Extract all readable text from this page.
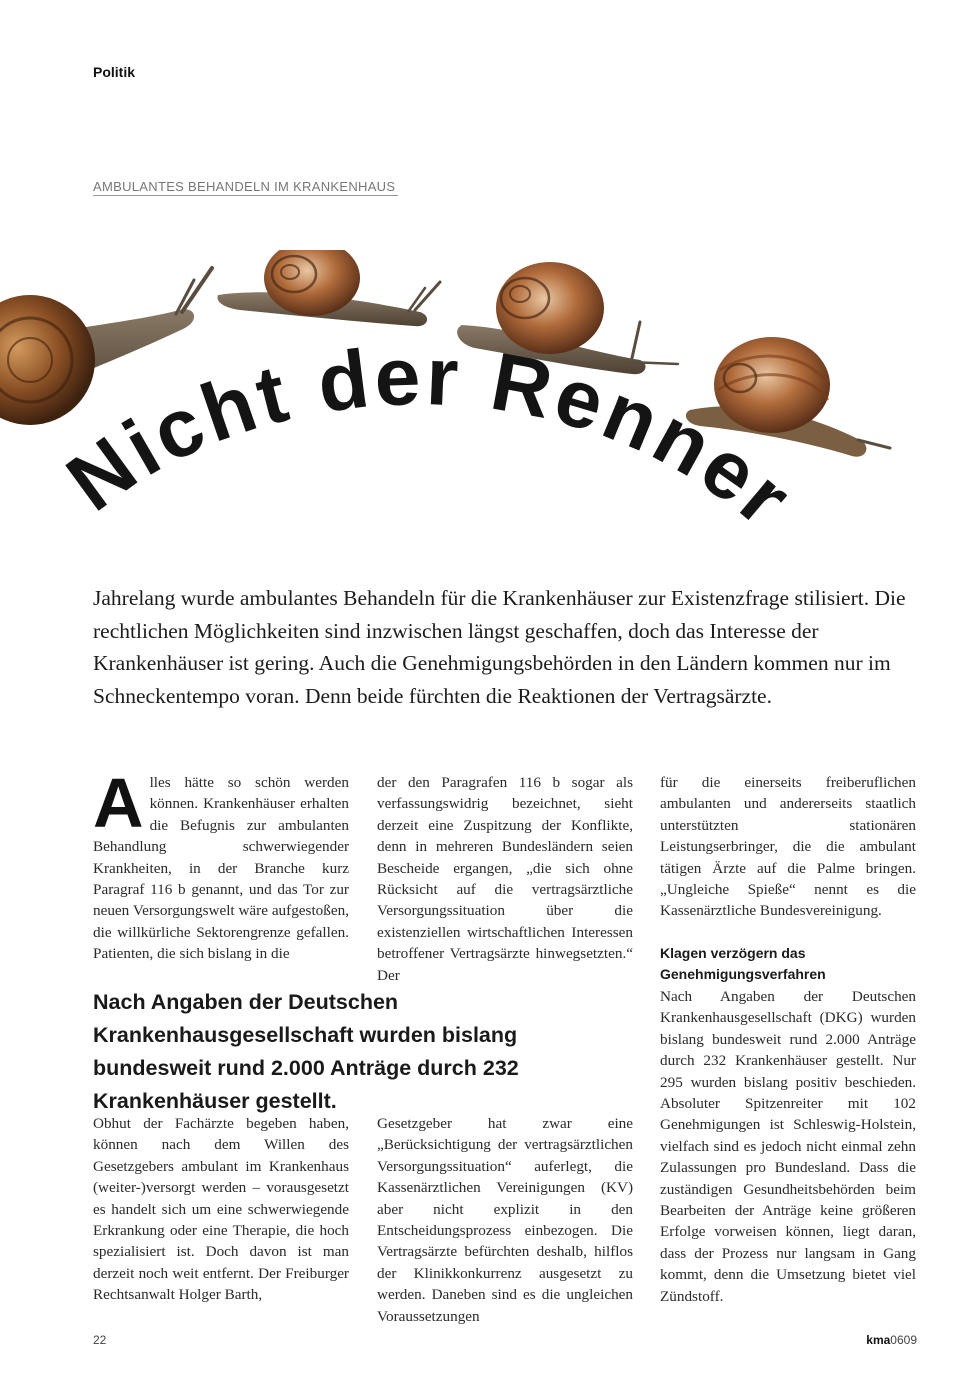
Politik
AMBULANTES BEHANDELN IM KRANKENHAUS
Nicht der Renner
Jahrelang wurde ambulantes Behandeln für die Krankenhäuser zur Existenzfrage stilisiert. Die rechtlichen Möglichkeiten sind inzwischen längst geschaffen, doch das Interesse der Krankenhäuser ist gering. Auch die Genehmigungsbehörden in den Ländern kommen nur im Schneckentempo voran. Denn beide fürchten die Reaktionen der Vertragsärzte.
A lles hätte so schön werden können. Krankenhäuser erhalten die Befugnis zur ambulanten Behandlung schwerwiegender Krankheiten, in der Branche kurz Paragraf 116 b genannt, und das Tor zur neuen Versorgungswelt wäre aufgestoßen, die willkürliche Sektorengrenze gefallen. Patienten, die sich bislang in die
der den Paragrafen 116 b sogar als verfassungswidrig bezeichnet, sieht derzeit eine Zuspitzung der Konflikte, denn in mehreren Bundesländern seien Bescheide ergangen, „die sich ohne Rücksicht auf die vertragsärztliche Versorgungssituation über die existenziellen wirtschaftlichen Interessen betroffener Vertragsärzte hinwegsetzten.“ Der
für die einerseits freiberuflichen ambulanten und andererseits staatlich unterstützten stationären Leistungserbringer, die die ambulant tätigen Ärzte auf die Palme bringen. „Ungleiche Spieße“ nennt es die Kassenärztliche Bundesvereinigung.
Klagen verzögern das Genehmigungsverfahren
Nach Angaben der Deutschen Krankenhausgesellschaft wurden bislang bundesweit rund 2.000 Anträge durch 232 Krankenhäuser gestellt.
Obhut der Fachärzte begeben haben, können nach dem Willen des Gesetzgebers ambulant im Krankenhaus (weiter-)versorgt werden – vorausgesetzt es handelt sich um eine schwerwiegende Erkrankung oder eine Therapie, die hoch spezialisiert ist. Doch davon ist man derzeit noch weit entfernt. Der Freiburger Rechtsanwalt Holger Barth,
Gesetzgeber hat zwar eine „Berücksichtigung der vertragsärztlichen Versorgungssituation“ auferlegt, die Kassenärztlichen Vereinigungen (KV) aber nicht explizit in den Entscheidungsprozess einbezogen. Die Vertragsärzte befürchten deshalb, hilflos der Klinikkonkurrenz ausgesetzt zu werden. Daneben sind es die ungleichen Voraussetzungen
Nach Angaben der Deutschen Krankenhausgesellschaft (DKG) wurden bislang bundesweit rund 2.000 Anträge durch 232 Krankenhäuser gestellt. Nur 295 wurden bislang positiv beschieden. Absoluter Spitzenreiter mit 102 Genehmigungen ist Schleswig-Holstein, vielfach sind es jedoch nicht einmal zehn Zulassungen pro Bundesland. Dass die zuständigen Gesundheitsbehörden beim Bearbeiten der Anträge keine größeren Erfolge vorweisen können, liegt daran, dass der Prozess nur langsam in Gang kommt, denn die Umsetzung bietet viel Zündstoff.
22	kma0609
